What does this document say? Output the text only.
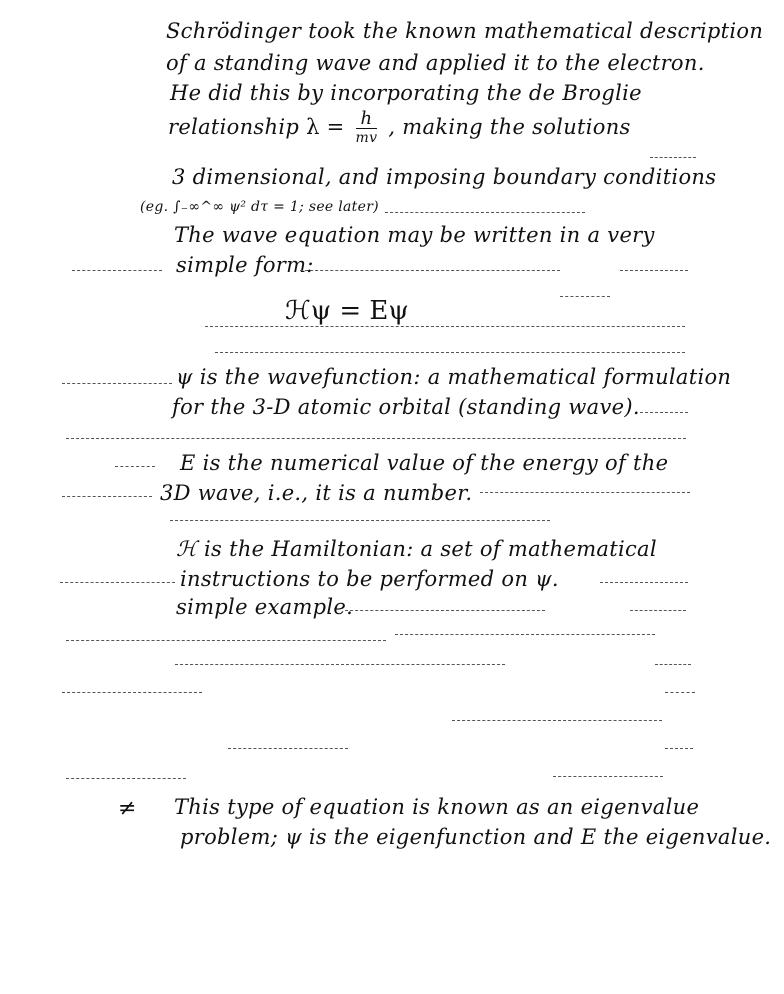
Schrödinger took the known mathematical description
of a standing wave and applied it to the electron.
He did this by incorporating the de Broglie
relationship $\lambda = \frac{h}{mv}$ , making the solutions
3 dimensional, and imposing boundary conditions
(eg. ∫₋∞^∞ ψ² dτ = 1; see later)
The wave equation may be written in a very
simple form:
ℋψ = Eψ
ψ is the wavefunction: a mathematical formulation
for the 3-D atomic orbital (standing wave).
E is the numerical value of the energy of the
3D wave, i.e., it is a number.
ℋ is the Hamiltonian: a set of mathematical
instructions to be performed on ψ.
simple example.
≠ This type of equation is known as an eigenvalue
problem; ψ is the eigenfunction and E the eigenvalue.
